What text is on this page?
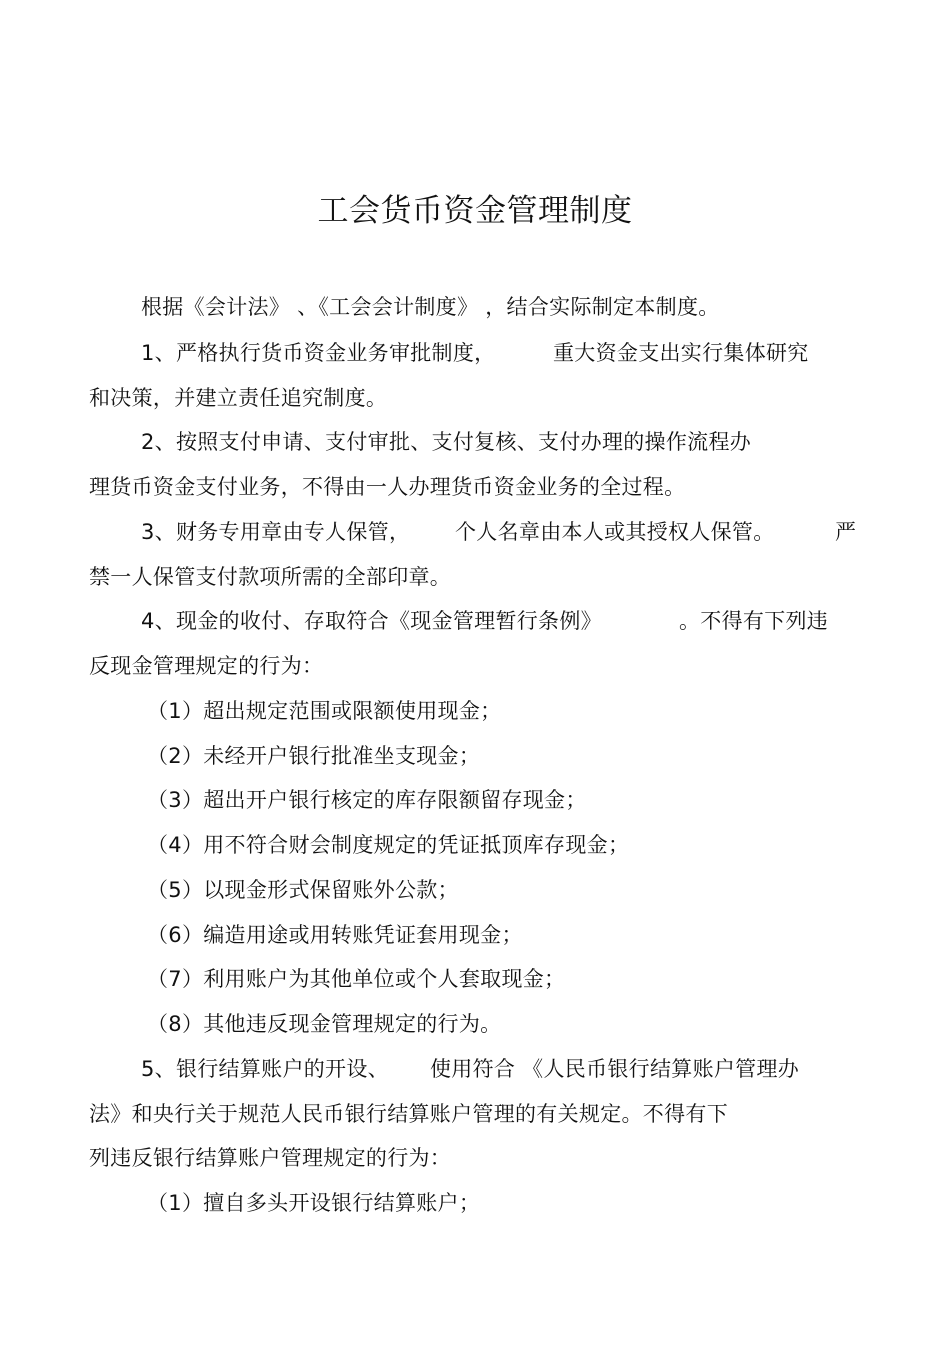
工会货币资金管理制度
根据《会计法》 、《工会会计制度》 ，结合实际制定本制度。
1、严格执行货币资金业务审批制度，	重大资金支出实行集体研究
和决策，并建立责任追究制度。
2、按照支付申请、支付审批、支付复核、支付办理的操作流程办
理货币资金支付业务，不得由一人办理货币资金业务的全过程。
3、财务专用章由专人保管， 个人名章由本人或其授权人保管。	严
禁一人保管支付款项所需的全部印章。
4、现金的收付、存取符合《现金管理暂行条例》	。不得有下列违
反现金管理规定的行为：
（1）超出规定范围或限额使用现金；
（2）未经开户银行批准坐支现金；
（3）超出开户银行核定的库存限额留存现金；
（4）用不符合财会制度规定的凭证抵顶库存现金；
（5）以现金形式保留账外公款；
（6）编造用途或用转账凭证套用现金；
（7）利用账户为其他单位或个人套取现金；
（8）其他违反现金管理规定的行为。
5、银行结算账户的开设、 使用符合 《人民币银行结算账户管理办
法》和央行关于规范人民币银行结算账户管理的有关规定。不得有下
列违反银行结算账户管理规定的行为：
（1）擅自多头开设银行结算账户；
